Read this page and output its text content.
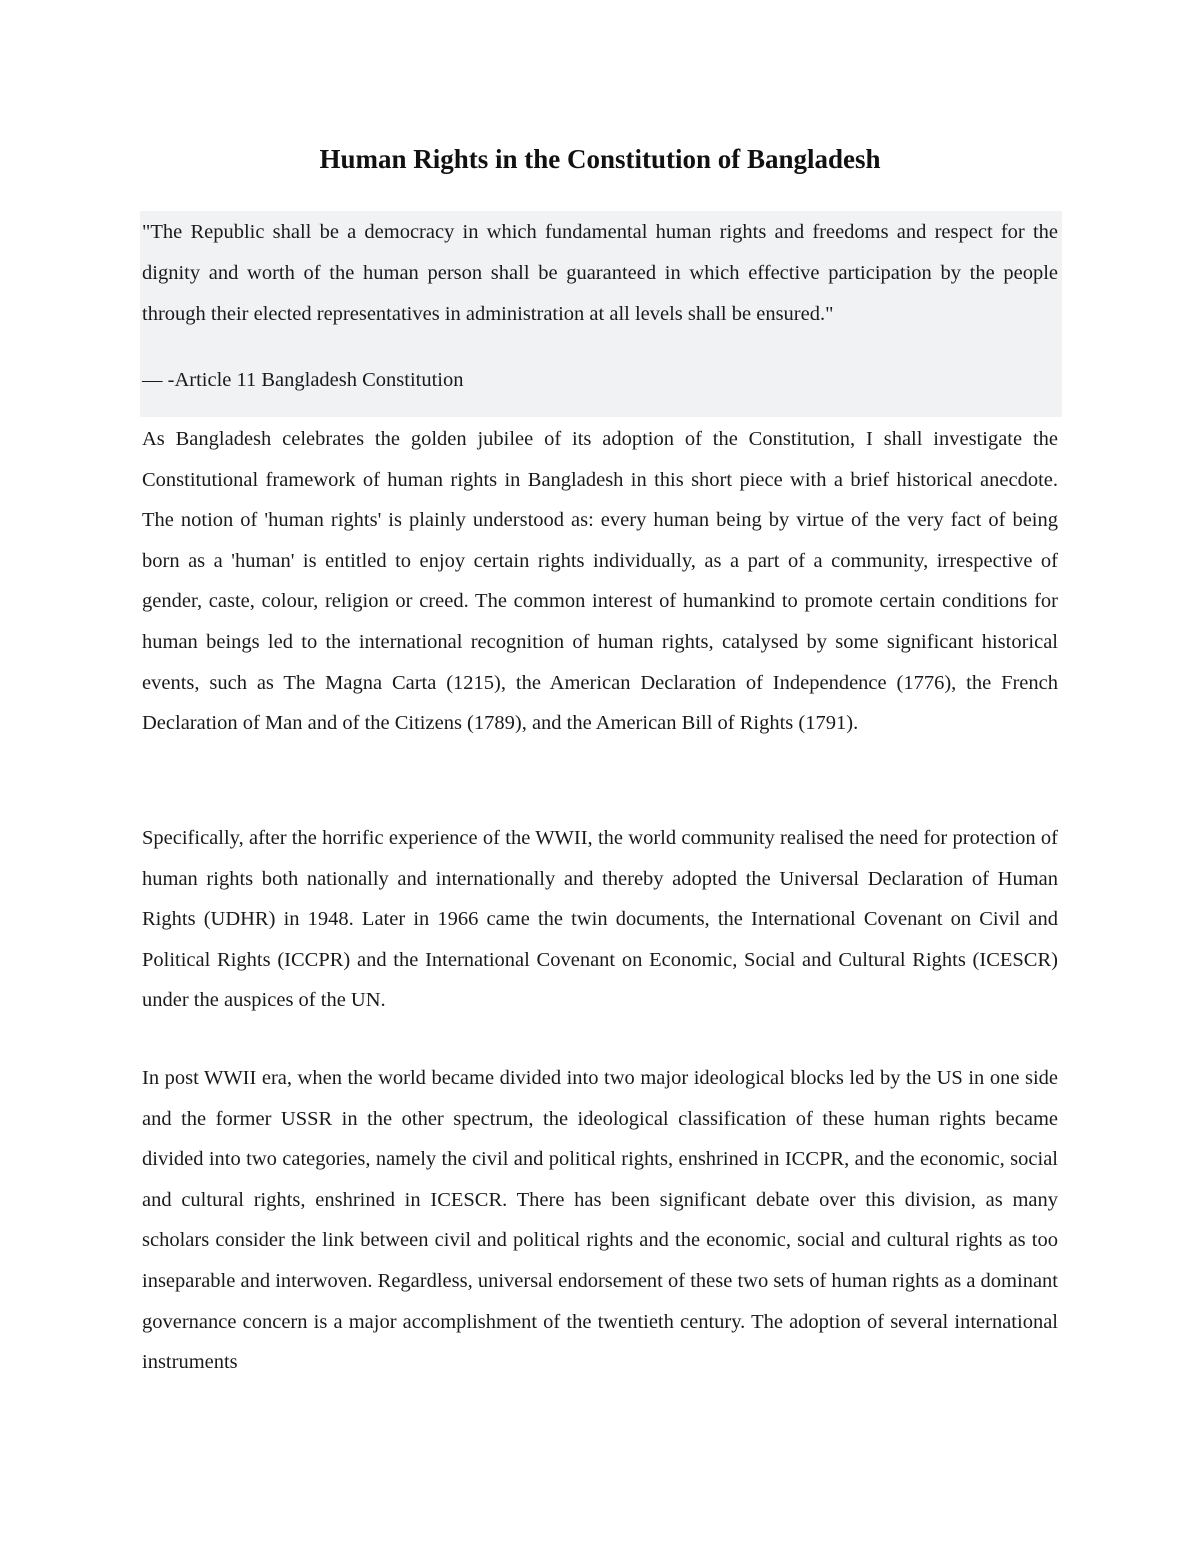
Human Rights in the Constitution of Bangladesh

"The Republic shall be a democracy in which fundamental human rights and freedoms and respect for the dignity and worth of the human person shall be guaranteed in which effective participation by the people through their elected representatives in administration at all levels shall be ensured."

— -Article 11 Bangladesh Constitution

As Bangladesh celebrates the golden jubilee of its adoption of the Constitution, I shall investigate the Constitutional framework of human rights in Bangladesh in this short piece with a brief historical anecdote. The notion of 'human rights' is plainly understood as: every human being by virtue of the very fact of being born as a 'human' is entitled to enjoy certain rights individually, as a part of a community, irrespective of gender, caste, colour, religion or creed. The common interest of humankind to promote certain conditions for human beings led to the international recognition of human rights, catalysed by some significant historical events, such as The Magna Carta (1215), the American Declaration of Independence (1776), the French Declaration of Man and of the Citizens (1789), and the American Bill of Rights (1791).

Specifically, after the horrific experience of the WWII, the world community realised the need for protection of human rights both nationally and internationally and thereby adopted the Universal Declaration of Human Rights (UDHR) in 1948. Later in 1966 came the twin documents, the International Covenant on Civil and Political Rights (ICCPR) and the International Covenant on Economic, Social and Cultural Rights (ICESCR) under the auspices of the UN.

In post WWII era, when the world became divided into two major ideological blocks led by the US in one side and the former USSR in the other spectrum, the ideological classification of these human rights became divided into two categories, namely the civil and political rights, enshrined in ICCPR, and the economic, social and cultural rights, enshrined in ICESCR. There has been significant debate over this division, as many scholars consider the link between civil and political rights and the economic, social and cultural rights as too inseparable and interwoven. Regardless, universal endorsement of these two sets of human rights as a dominant governance concern is a major accomplishment of the twentieth century. The adoption of several international instruments
